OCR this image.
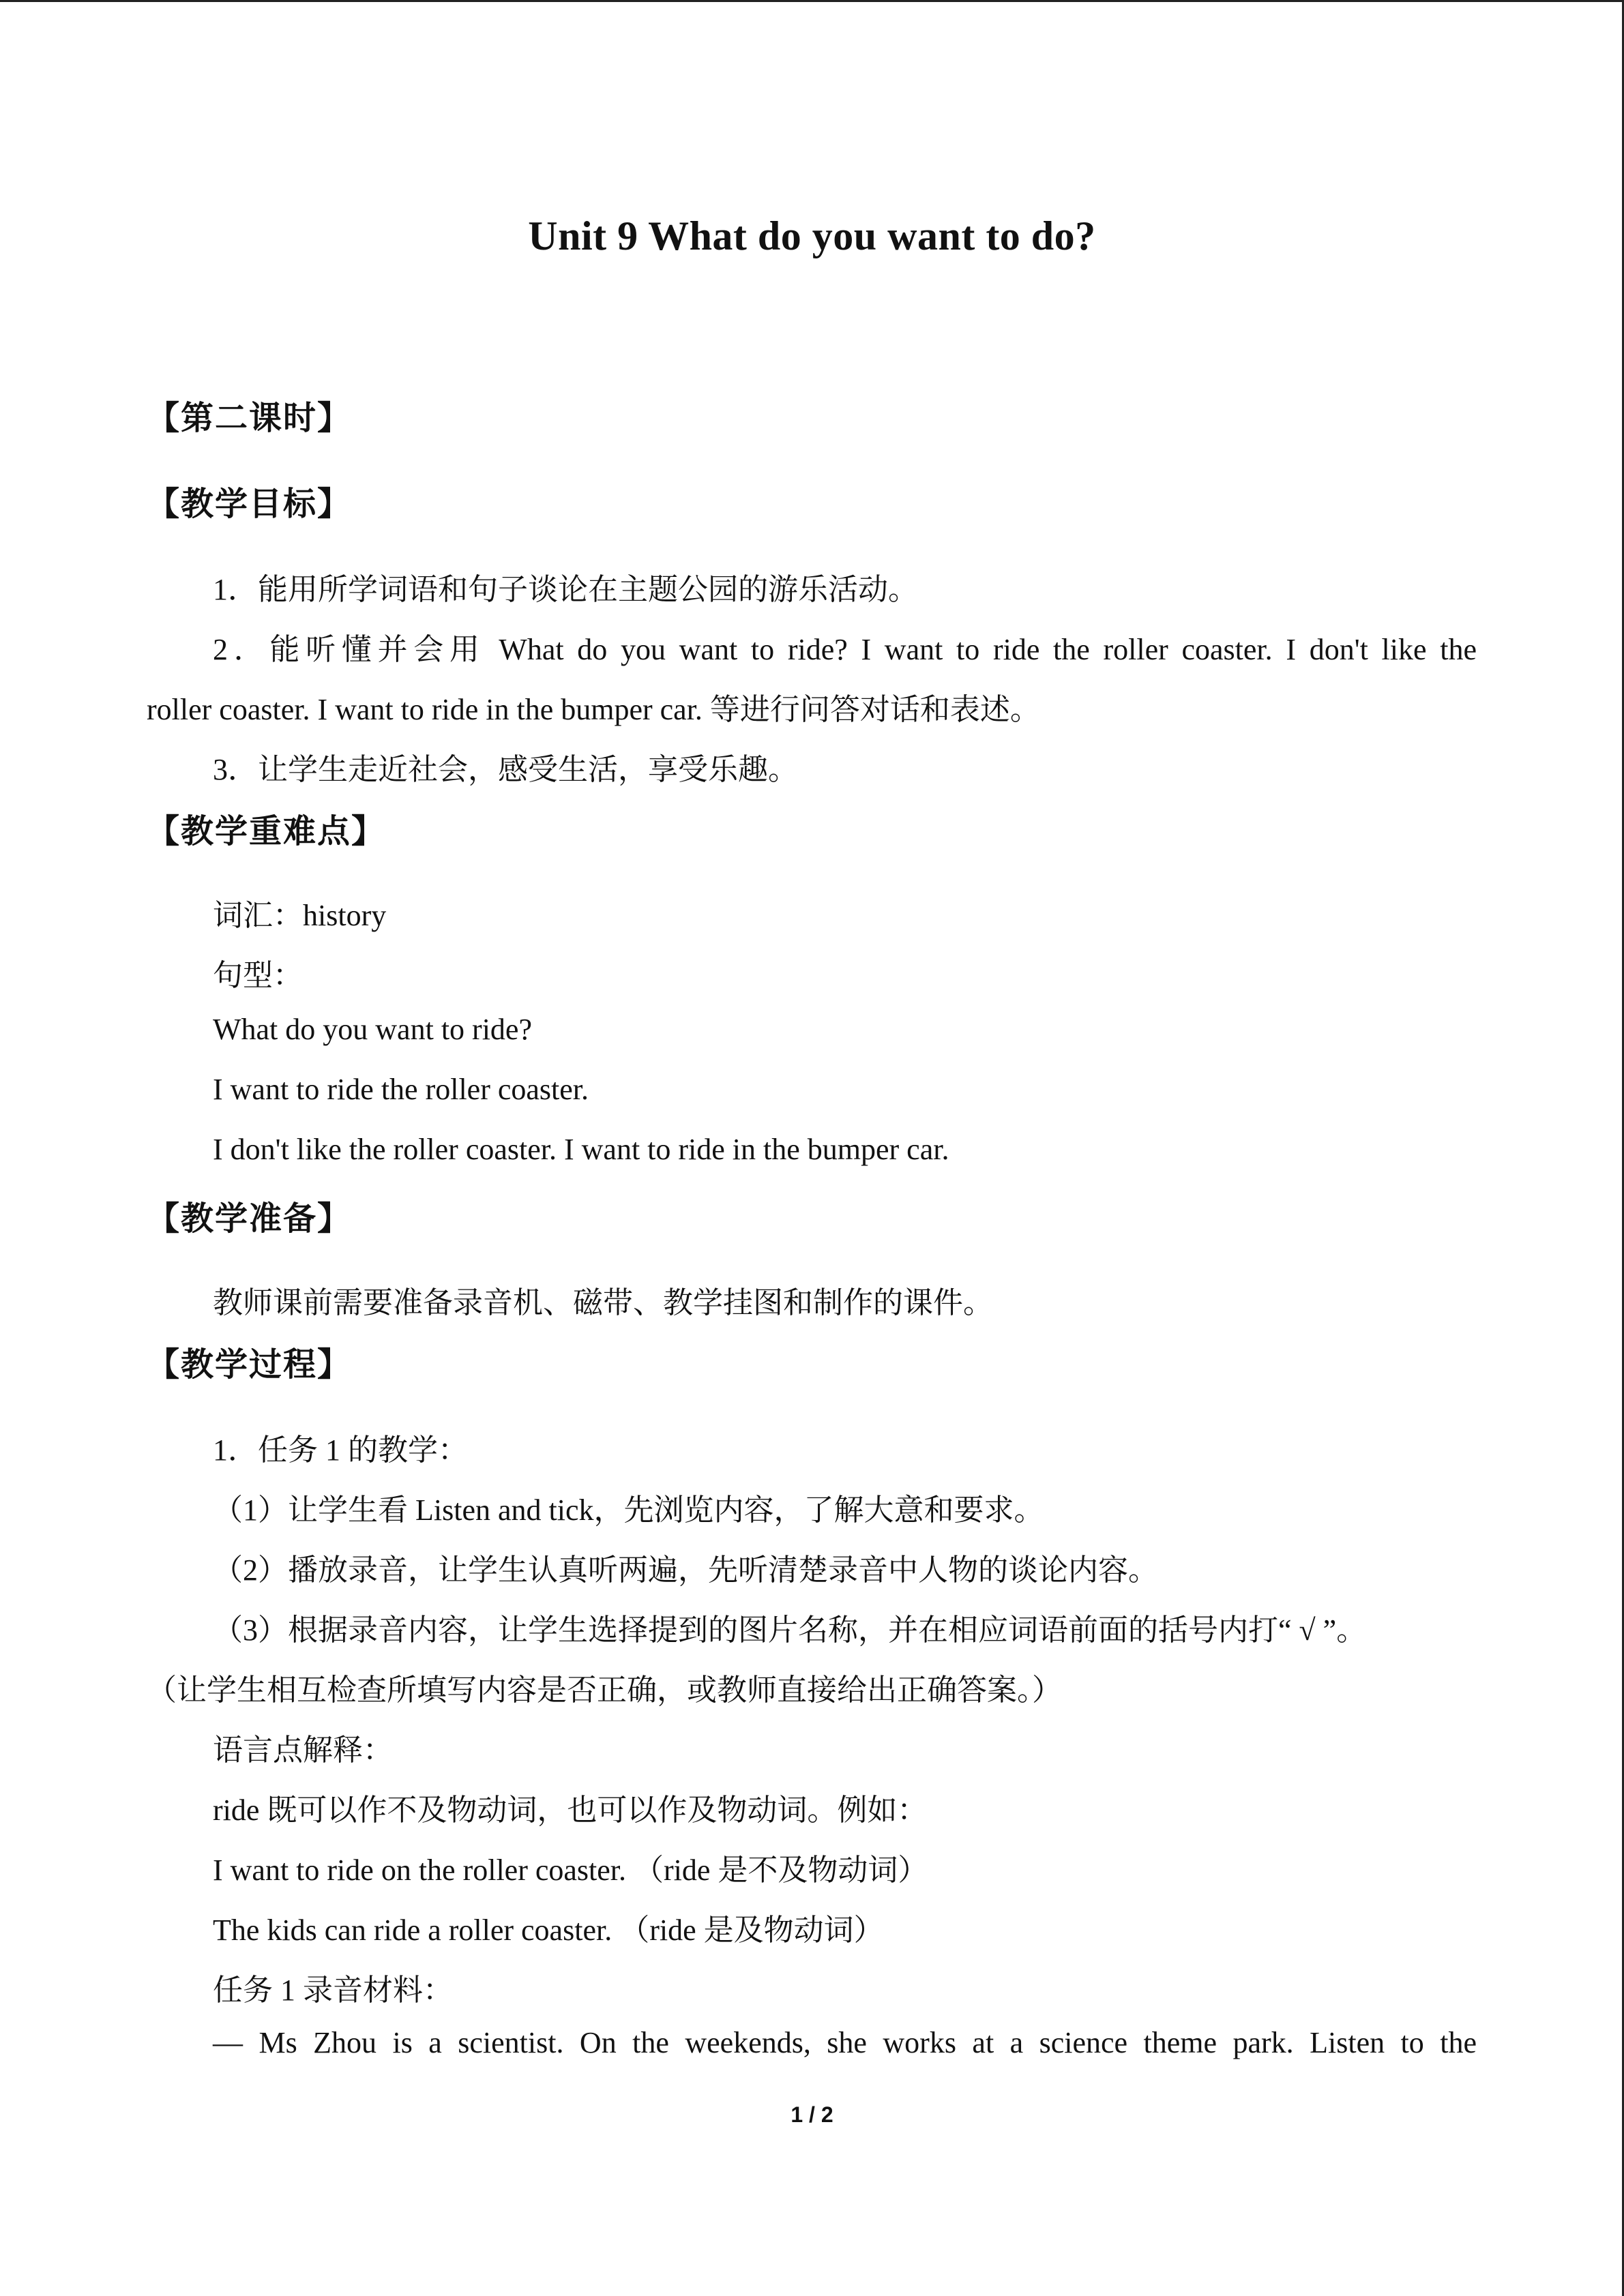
Unit 9 What do you want to do?
【第二课时】
【教学目标】
1．能用所学词语和句子谈论在主题公园的游乐活动。
2．能听懂并会用 What do you want to ride? I want to ride the roller coaster. I don't like the
roller coaster. I want to ride in the bumper car. 等进行问答对话和表述。
3．让学生走近社会，感受生活，享受乐趣。
【教学重难点】
词汇：history
句型：
What do you want to ride?
I want to ride the roller coaster.
I don't like the roller coaster. I want to ride in the bumper car.
【教学准备】
教师课前需要准备录音机、磁带、教学挂图和制作的课件。
【教学过程】
1．任务 1 的教学：
（1）让学生看 Listen and tick，先浏览内容，了解大意和要求。
（2）播放录音，让学生认真听两遍，先听清楚录音中人物的谈论内容。
（3）根据录音内容，让学生选择提到的图片名称，并在相应词语前面的括号内打“ √ ”。
（让学生相互检查所填写内容是否正确，或教师直接给出正确答案。）
语言点解释：
ride 既可以作不及物动词，也可以作及物动词。例如：
I want to ride on the roller coaster. （ride 是不及物动词）
The kids can ride a roller coaster. （ride 是及物动词）
任务 1 录音材料：
— Ms Zhou is a scientist. On the weekends, she works at a science theme park. Listen to the
1 / 2
